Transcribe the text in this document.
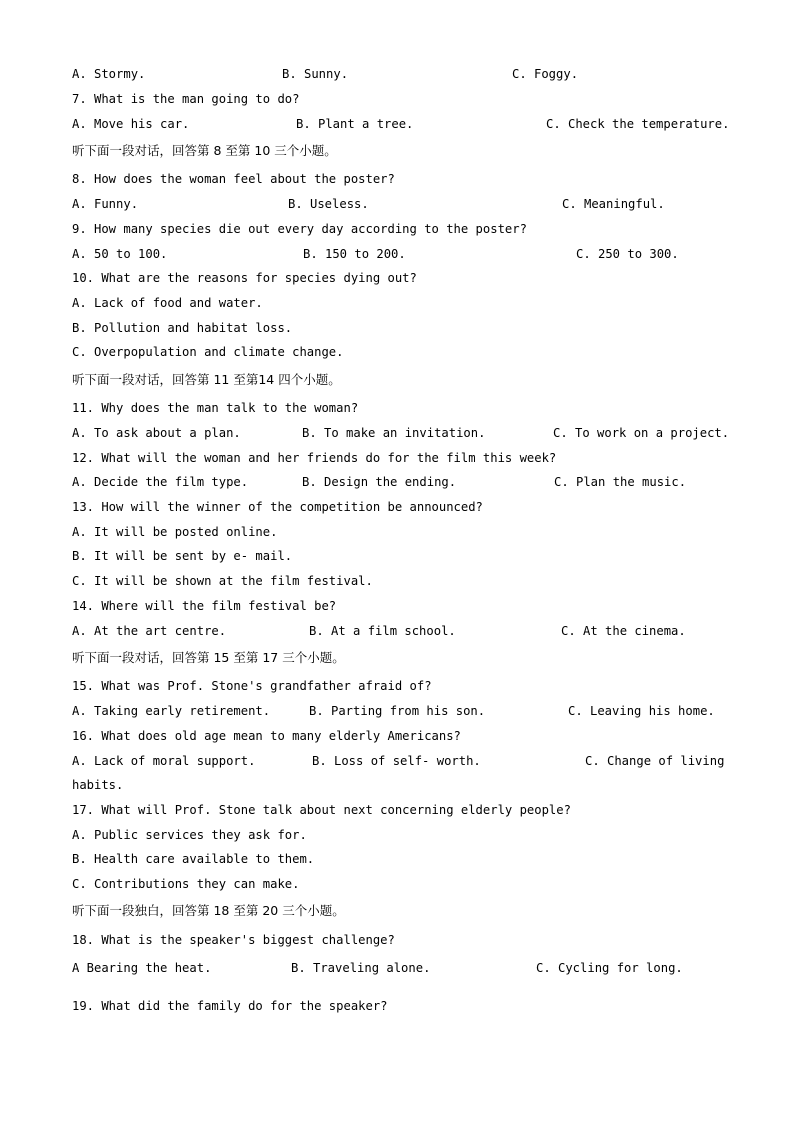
A. Stormy.	B. Sunny.	C. Foggy.
7. What is the man going to do?
A. Move his car.	B. Plant a tree.	C. Check the temperature.
听下面一段对话，回答第 8 至第 10 三个小题。
8. How does the woman feel about the poster?
A. Funny.	B. Useless.	C. Meaningful.
9. How many species die out every day according to the poster?
A. 50 to 100.	B. 150 to 200.	C. 250 to 300.
10. What are the reasons for species dying out?
A. Lack of food and water.
B. Pollution and habitat loss.
C. Overpopulation and climate change.
听下面一段对话，回答第 11 至第14 四个小题。
11. Why does the man talk to the woman?
A. To ask about a plan.	B. To make an invitation.	C. To work on a project.
12. What will the woman and her friends do for the film this week?
A. Decide the film type.	B. Design the ending.	C. Plan the music.
13. How will the winner of the competition be announced?
A. It will be posted online.
B. It will be sent by e- mail.
C. It will be shown at the film festival.
14. Where will the film festival be?
A. At the art centre.	B. At a film school.	C. At the cinema.
听下面一段对话，回答第 15 至第 17 三个小题。
15. What was Prof. Stone's grandfather afraid of?
A. Taking early retirement.	B. Parting from his son.	C. Leaving his home.
16. What does old age mean to many elderly Americans?
A. Lack of moral support.	B. Loss of self- worth.	C. Change of living
habits.
17. What will Prof. Stone talk about next concerning elderly people?
A. Public services they ask for.
B. Health care available to them.
C. Contributions they can make.
听下面一段独白，回答第 18 至第 20 三个小题。
18. What is the speaker's biggest challenge?
A Bearing the heat.	B. Traveling alone.	C. Cycling for long.
19. What did the family do for the speaker?
